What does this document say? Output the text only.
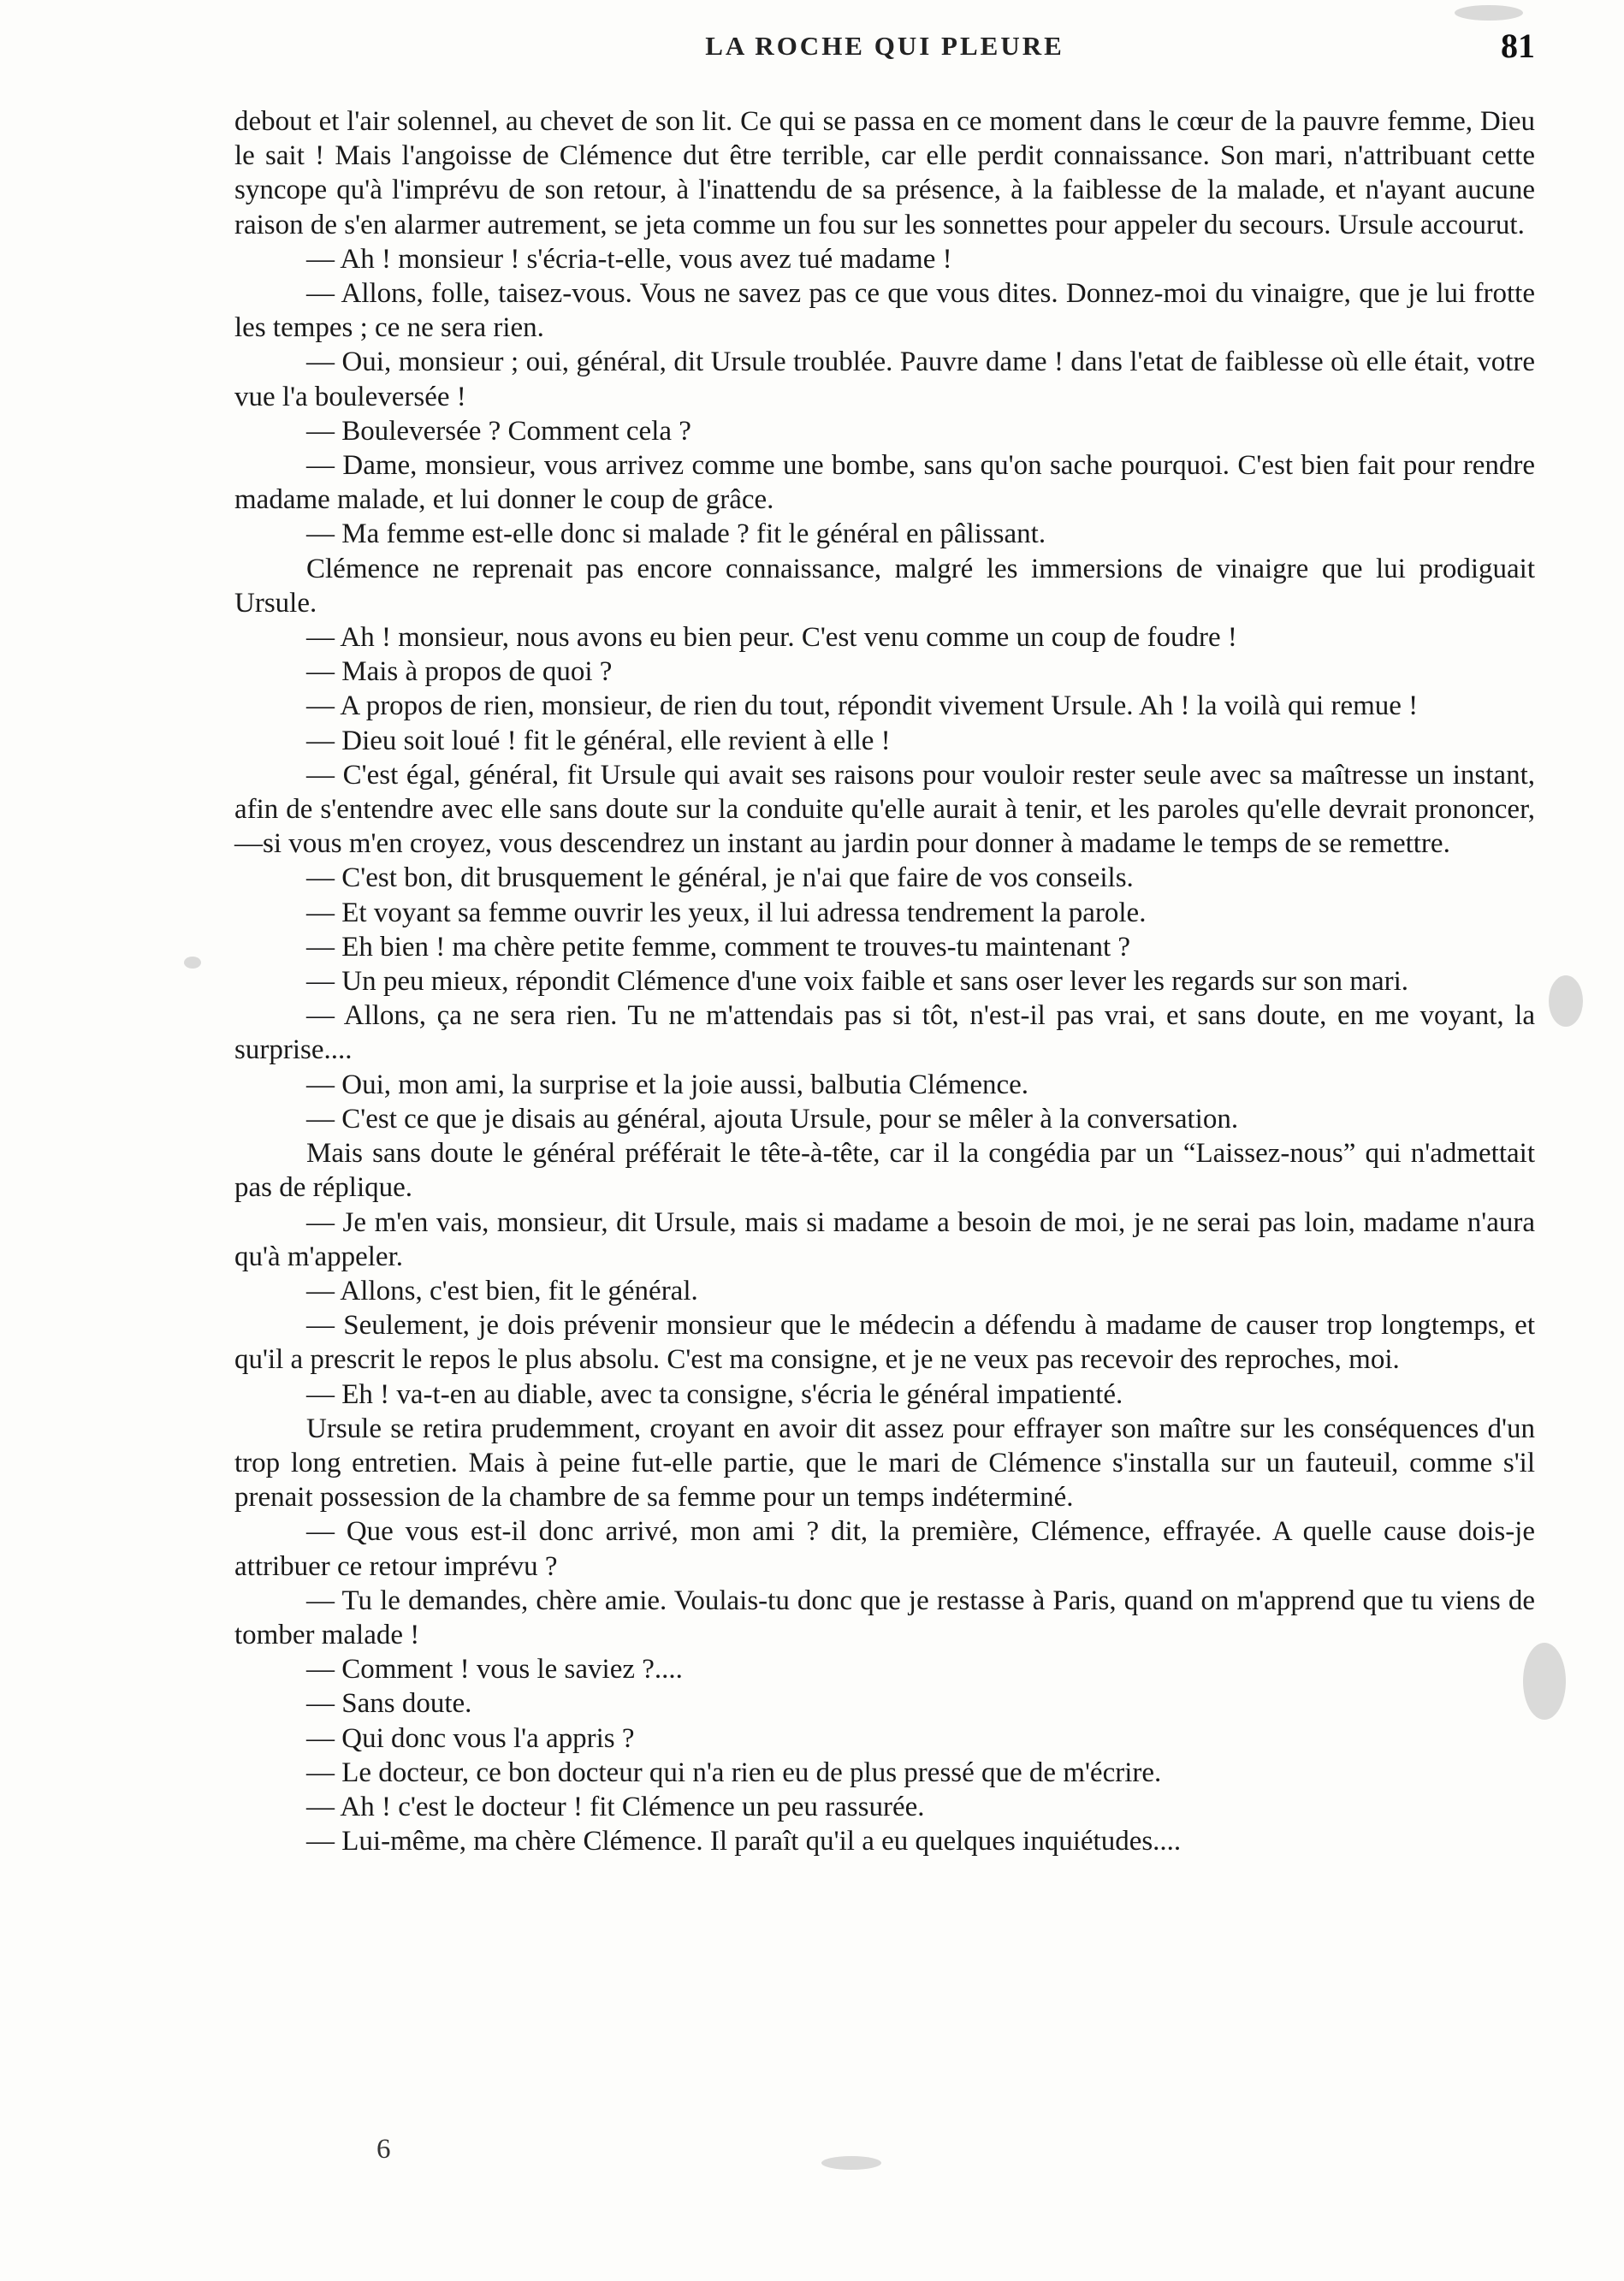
LA ROCHE QUI PLEURE	81

debout et l'air solennel, au chevet de son lit. Ce qui se passa en ce moment dans le cœur de la pauvre femme, Dieu le sait ! Mais l'angoisse de Clémence dut être terrible, car elle perdit connaissance. Son mari, n'attribuant cette syncope qu'à l'imprévu de son retour, à l'inattendu de sa présence, à la faiblesse de la malade, et n'ayant aucune raison de s'en alarmer autrement, se jeta comme un fou sur les sonnettes pour appeler du secours. Ursule accourut.

— Ah ! monsieur ! s'écria-t-elle, vous avez tué madame !

— Allons, folle, taisez-vous. Vous ne savez pas ce que vous dites. Donnez-moi du vinaigre, que je lui frotte les tempes ; ce ne sera rien.

— Oui, monsieur ; oui, général, dit Ursule troublée. Pauvre dame ! dans l'etat de faiblesse où elle était, votre vue l'a bouleversée !

— Bouleversée ? Comment cela ?

— Dame, monsieur, vous arrivez comme une bombe, sans qu'on sache pourquoi. C'est bien fait pour rendre madame malade, et lui donner le coup de grâce.

— Ma femme est-elle donc si malade ? fit le général en pâlissant.

Clémence ne reprenait pas encore connaissance, malgré les immersions de vinaigre que lui prodiguait Ursule.

— Ah ! monsieur, nous avons eu bien peur. C'est venu comme un coup de foudre !

— Mais à propos de quoi ?

— A propos de rien, monsieur, de rien du tout, répondit vivement Ursule. Ah ! la voilà qui remue !

— Dieu soit loué ! fit le général, elle revient à elle !

— C'est égal, général, fit Ursule qui avait ses raisons pour vouloir rester seule avec sa maîtresse un instant, afin de s'entendre avec elle sans doute sur la conduite qu'elle aurait à tenir, et les paroles qu'elle devrait prononcer,—si vous m'en croyez, vous descendrez un instant au jardin pour donner à madame le temps de se remettre.

— C'est bon, dit brusquement le général, je n'ai que faire de vos conseils.

— Et voyant sa femme ouvrir les yeux, il lui adressa tendrement la parole.

— Eh bien ! ma chère petite femme, comment te trouves-tu maintenant ?

— Un peu mieux, répondit Clémence d'une voix faible et sans oser lever les regards sur son mari.

— Allons, ça ne sera rien. Tu ne m'attendais pas si tôt, n'est-il pas vrai, et sans doute, en me voyant, la surprise....

— Oui, mon ami, la surprise et la joie aussi, balbutia Clémence.

— C'est ce que je disais au général, ajouta Ursule, pour se mêler à la conversation.

Mais sans doute le général préférait le tête-à-tête, car il la congédia par un “Laissez-nous” qui n'admettait pas de réplique.

— Je m'en vais, monsieur, dit Ursule, mais si madame a besoin de moi, je ne serai pas loin, madame n'aura qu'à m'appeler.

— Allons, c'est bien, fit le général.

— Seulement, je dois prévenir monsieur que le médecin a défendu à madame de causer trop longtemps, et qu'il a prescrit le repos le plus absolu. C'est ma consigne, et je ne veux pas recevoir des reproches, moi.

— Eh ! va-t-en au diable, avec ta consigne, s'écria le général impatienté.

Ursule se retira prudemment, croyant en avoir dit assez pour effrayer son maître sur les conséquences d'un trop long entretien. Mais à peine fut-elle partie, que le mari de Clémence s'installa sur un fauteuil, comme s'il prenait possession de la chambre de sa femme pour un temps indéterminé.

— Que vous est-il donc arrivé, mon ami ? dit, la première, Clémence, effrayée. A quelle cause dois-je attribuer ce retour imprévu ?

— Tu le demandes, chère amie. Voulais-tu donc que je restasse à Paris, quand on m'apprend que tu viens de tomber malade !

— Comment ! vous le saviez ?....

— Sans doute.

— Qui donc vous l'a appris ?

— Le docteur, ce bon docteur qui n'a rien eu de plus pressé que de m'écrire.

— Ah ! c'est le docteur ! fit Clémence un peu rassurée.

— Lui-même, ma chère Clémence. Il paraît qu'il a eu quelques inquiétudes....

6
